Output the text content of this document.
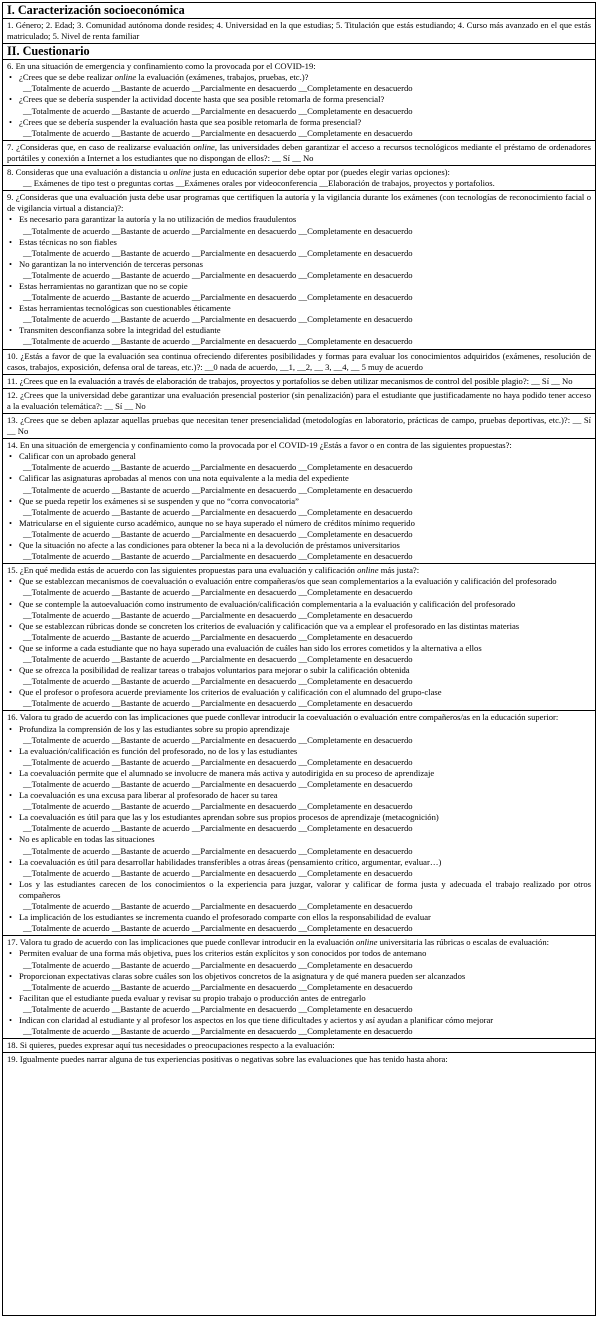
I. Caracterización socioeconómica
1. Género; 2. Edad; 3. Comunidad autónoma donde resides; 4. Universidad en la que estudias; 5. Titulación que estás estudiando; 4. Curso más avanzado en el que estás matriculado; 5. Nivel de renta familiar
II. Cuestionario

6. En una situación de emergencia y confinamiento como la provocada por el COVID-19:

• ¿Crees que se debe realizar online la evaluación (exámenes, trabajos, pruebas, etc.)?

__Totalmente de acuerdo __Bastante de acuerdo __Parcialmente en desacuerdo __Completamente en desacuerdo

• ¿Crees que se debería suspender la actividad docente hasta que sea posible retomarla de forma presencial?

__Totalmente de acuerdo __Bastante de acuerdo __Parcialmente en desacuerdo __Completamente en desacuerdo

• ¿Crees que se debería suspender la evaluación hasta que sea posible retomarla de forma presencial?

__Totalmente de acuerdo __Bastante de acuerdo __Parcialmente en desacuerdo __Completamente en desacuerdo

7. ¿Consideras que, en caso de realizarse evaluación online, las universidades deben garantizar el acceso a recursos tecnológicos mediante el préstamo de ordenadores portátiles y conexión a Internet a los estudiantes que no dispongan de ellos?: __ Sí __ No

8. Consideras que una evaluación a distancia u online justa en educación superior debe optar por (puedes elegir varias opciones):

__ Exámenes de tipo test o preguntas cortas __Exámenes orales por videoconferencia __Elaboración de trabajos, proyectos y portafolios.

9. ¿Consideras que una evaluación justa debe usar programas que certifiquen la autoría y la vigilancia durante los exámenes (con tecnologías de reconocimiento facial o de vigilancia virtual a distancia)?:

• Es necesario para garantizar la autoría y la no utilización de medios fraudulentos

__Totalmente de acuerdo __Bastante de acuerdo __Parcialmente en desacuerdo __Completamente en desacuerdo

• Estas técnicas no son fiables

__Totalmente de acuerdo __Bastante de acuerdo __Parcialmente en desacuerdo __Completamente en desacuerdo

• No garantizan la no intervención de terceras personas

__Totalmente de acuerdo __Bastante de acuerdo __Parcialmente en desacuerdo __Completamente en desacuerdo

• Estas herramientas no garantizan que no se copie

__Totalmente de acuerdo __Bastante de acuerdo __Parcialmente en desacuerdo __Completamente en desacuerdo

• Estas herramientas tecnológicas son cuestionables éticamente

__Totalmente de acuerdo __Bastante de acuerdo __Parcialmente en desacuerdo __Completamente en desacuerdo

• Transmiten desconfianza sobre la integridad del estudiante

__Totalmente de acuerdo __Bastante de acuerdo __Parcialmente en desacuerdo __Completamente en desacuerdo

10. ¿Estás a favor de que la evaluación sea continua ofreciendo diferentes posibilidades y formas para evaluar los conocimientos adquiridos (exámenes, resolución de casos, trabajos, exposición, defensa oral de tareas, etc.)?: __0 nada de acuerdo, __1, __2, __ 3, __4, __ 5 muy de acuerdo
11. ¿Crees que en la evaluación a través de elaboración de trabajos, proyectos y portafolios se deben utilizar mecanismos de control del posible plagio?: __ Sí __ No
12. ¿Crees que la universidad debe garantizar una evaluación presencial posterior (sin penalización) para el estudiante que justificadamente no haya podido tener acceso a la evaluación telemática?: __ Sí __ No
13. ¿Crees que se deben aplazar aquellas pruebas que necesitan tener presencialidad (metodologías en laboratorio, prácticas de campo, pruebas deportivas, etc.)?: __ Sí __ No

14. En una situación de emergencia y confinamiento como la provocada por el COVID-19 ¿Estás a favor o en contra de las siguientes propuestas?:

• Calificar con un aprobado general

__Totalmente de acuerdo __Bastante de acuerdo __Parcialmente en desacuerdo __Completamente en desacuerdo

• Calificar las asignaturas aprobadas al menos con una nota equivalente a la media del expediente

__Totalmente de acuerdo __Bastante de acuerdo __Parcialmente en desacuerdo __Completamente en desacuerdo

• Que se pueda repetir los exámenes si se suspenden y que no “corra convocatoria”

__Totalmente de acuerdo __Bastante de acuerdo __Parcialmente en desacuerdo __Completamente en desacuerdo

• Matricularse en el siguiente curso académico, aunque no se haya superado el número de créditos mínimo requerido

__Totalmente de acuerdo __Bastante de acuerdo __Parcialmente en desacuerdo __Completamente en desacuerdo

• Que la situación no afecte a las condiciones para obtener la beca ni a la devolución de préstamos universitarios

__Totalmente de acuerdo __Bastante de acuerdo __Parcialmente en desacuerdo __Completamente en desacuerdo

15. ¿En qué medida estás de acuerdo con las siguientes propuestas para una evaluación y calificación online más justa?:

• Que se establezcan mecanismos de coevaluación o evaluación entre compañeras/os que sean complementarios a la evaluación y calificación del profesorado

__Totalmente de acuerdo __Bastante de acuerdo __Parcialmente en desacuerdo __Completamente en desacuerdo

• Que se contemple la autoevaluación como instrumento de evaluación/calificación complementaria a la evaluación y calificación del profesorado

__Totalmente de acuerdo __Bastante de acuerdo __Parcialmente en desacuerdo __Completamente en desacuerdo

• Que se establezcan rúbricas donde se concreten los criterios de evaluación y calificación que va a emplear el profesorado en las distintas materias

__Totalmente de acuerdo __Bastante de acuerdo __Parcialmente en desacuerdo __Completamente en desacuerdo

• Que se informe a cada estudiante que no haya superado una evaluación de cuáles han sido los errores cometidos y la alternativa a ellos

__Totalmente de acuerdo __Bastante de acuerdo __Parcialmente en desacuerdo __Completamente en desacuerdo

• Que se ofrezca la posibilidad de realizar tareas o trabajos voluntarios para mejorar o subir la calificación obtenida

__Totalmente de acuerdo __Bastante de acuerdo __Parcialmente en desacuerdo __Completamente en desacuerdo

• Que el profesor o profesora acuerde previamente los criterios de evaluación y calificación con el alumnado del grupo-clase

__Totalmente de acuerdo __Bastante de acuerdo __Parcialmente en desacuerdo __Completamente en desacuerdo

16. Valora tu grado de acuerdo con las implicaciones que puede conllevar introducir la coevaluación o evaluación entre compañeros/as en la educación superior:

• Profundiza la comprensión de los y las estudiantes sobre su propio aprendizaje

__Totalmente de acuerdo __Bastante de acuerdo __Parcialmente en desacuerdo __Completamente en desacuerdo

• La evaluación/calificación es función del profesorado, no de los y las estudiantes

__Totalmente de acuerdo __Bastante de acuerdo __Parcialmente en desacuerdo __Completamente en desacuerdo

• La coevaluación permite que el alumnado se involucre de manera más activa y autodirigida en su proceso de aprendizaje

__Totalmente de acuerdo __Bastante de acuerdo __Parcialmente en desacuerdo __Completamente en desacuerdo

• La coevaluación es una excusa para liberar al profesorado de hacer su tarea

__Totalmente de acuerdo __Bastante de acuerdo __Parcialmente en desacuerdo __Completamente en desacuerdo

• La coevaluación es útil para que las y los estudiantes aprendan sobre sus propios procesos de aprendizaje (metacognición)

__Totalmente de acuerdo __Bastante de acuerdo __Parcialmente en desacuerdo __Completamente en desacuerdo

• No es aplicable en todas las situaciones

__Totalmente de acuerdo __Bastante de acuerdo __Parcialmente en desacuerdo __Completamente en desacuerdo

• La coevaluación es útil para desarrollar habilidades transferibles a otras áreas (pensamiento crítico, argumentar, evaluar…)

__Totalmente de acuerdo __Bastante de acuerdo __Parcialmente en desacuerdo __Completamente en desacuerdo

• Los y las estudiantes carecen de los conocimientos o la experiencia para juzgar, valorar y calificar de forma justa y adecuada el trabajo realizado por otros compañeros

__Totalmente de acuerdo __Bastante de acuerdo __Parcialmente en desacuerdo __Completamente en desacuerdo

• La implicación de los estudiantes se incrementa cuando el profesorado comparte con ellos la responsabilidad de evaluar

__Totalmente de acuerdo __Bastante de acuerdo __Parcialmente en desacuerdo __Completamente en desacuerdo

17. Valora tu grado de acuerdo con las implicaciones que puede conllevar introducir en la evaluación online universitaria las rúbricas o escalas de evaluación:

• Permiten evaluar de una forma más objetiva, pues los criterios están explícitos y son conocidos por todos de antemano

__Totalmente de acuerdo __Bastante de acuerdo __Parcialmente en desacuerdo __Completamente en desacuerdo

• Proporcionan expectativas claras sobre cuáles son los objetivos concretos de la asignatura y de qué manera pueden ser alcanzados

__Totalmente de acuerdo __Bastante de acuerdo __Parcialmente en desacuerdo __Completamente en desacuerdo

• Facilitan que el estudiante pueda evaluar y revisar su propio trabajo o producción antes de entregarlo

__Totalmente de acuerdo __Bastante de acuerdo __Parcialmente en desacuerdo __Completamente en desacuerdo

• Indican con claridad al estudiante y al profesor los aspectos en los que tiene dificultades y aciertos y así ayudan a planificar cómo mejorar

__Totalmente de acuerdo __Bastante de acuerdo __Parcialmente en desacuerdo __Completamente en desacuerdo

18. Si quieres, puedes expresar aquí tus necesidades o preocupaciones respecto a la evaluación:
19. Igualmente puedes narrar alguna de tus experiencias positivas o negativas sobre las evaluaciones que has tenido hasta ahora:
